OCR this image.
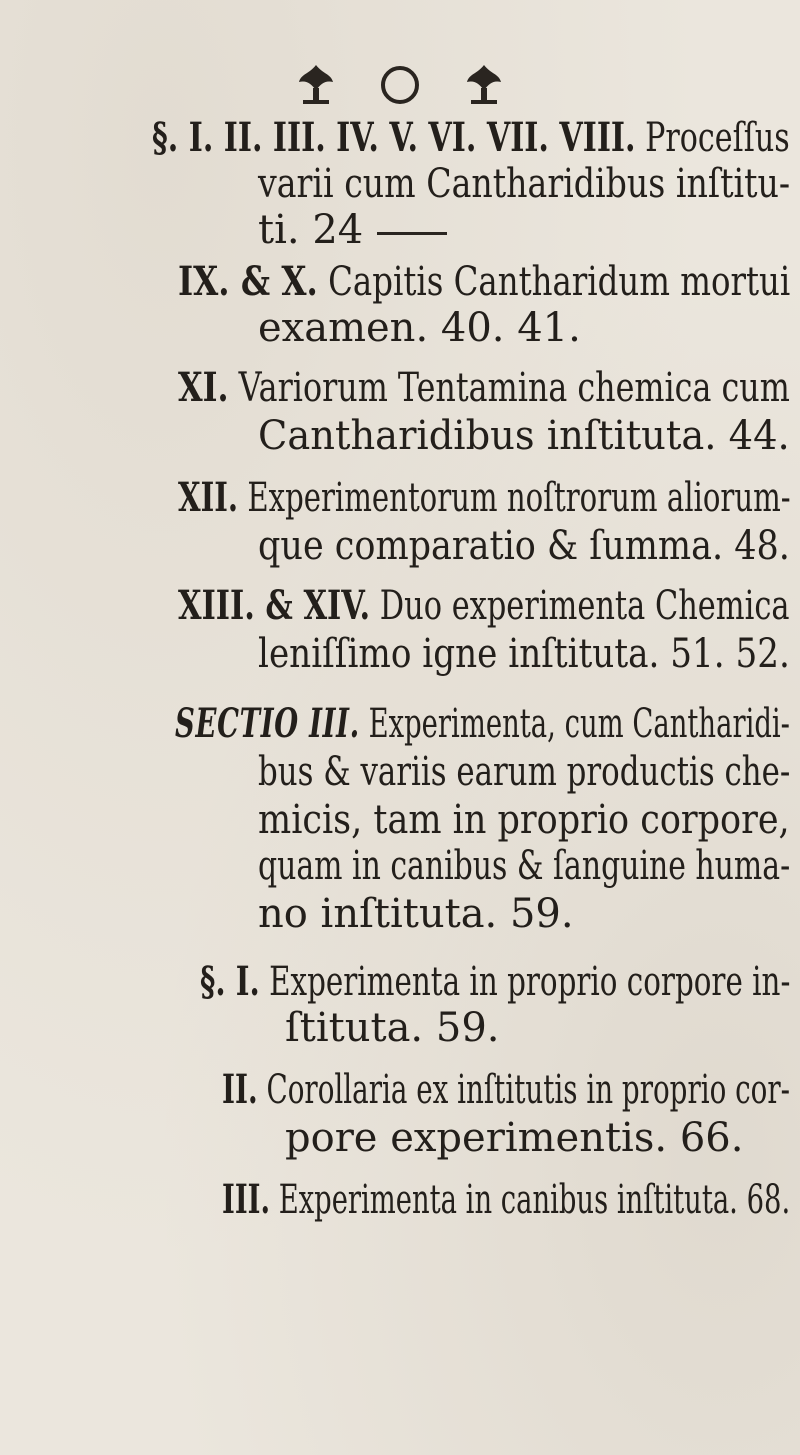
§. I. II. III. IV. V. VI. VII. VIII. Proceſſus
varii cum Cantharidibus inſtitu-
ti. 24
IX. & X. Capitis Cantharidum mortui
examen. 40. 41.
XI. Variorum Tentamina chemica cum
Cantharidibus inſtituta. 44.
XII. Experimentorum noſtrorum aliorum-
que comparatio & ſumma. 48.
XIII. & XIV. Duo experimenta Chemica
leniſſimo igne inſtituta. 51. 52.
SECTIO III. Experimenta, cum Cantharidi-
bus & variis earum productis che-
micis, tam in proprio corpore,
quam in canibus & ſanguine huma-
no inſtituta. 59.
§. I. Experimenta in proprio corpore in-
ſtituta. 59.
II. Corollaria ex inſtitutis in proprio cor-
pore experimentis. 66.
III. Experimenta in canibus inſtituta. 68.
